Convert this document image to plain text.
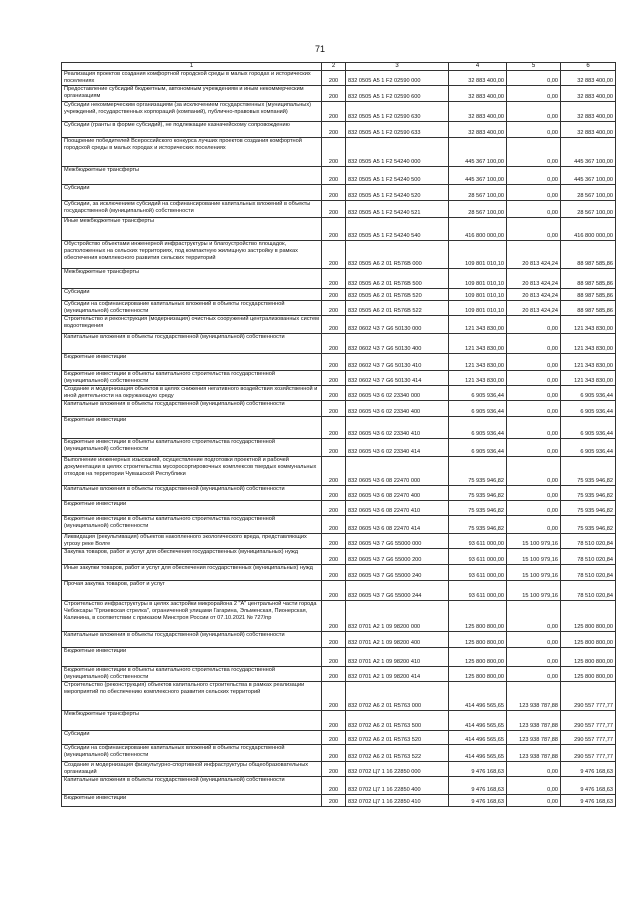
71
1	2	3	4	5	6
Реализация проектов создания комфортной городской среды в малых городах и исторических поселениях	200	832 0505 А5 1 F2 02590 000	32 883 400,00	0,00	32 883 400,00
Предоставление субсидий бюджетным, автономным учреждениям и иным некоммерческим организациям	200	832 0505 А5 1 F2 02590 600	32 883 400,00	0,00	32 883 400,00
Субсидии некоммерческим организациям (за исключением государственных (муниципальных) учреждений, государственных корпораций (компаний), публично-правовых компаний)	200	832 0505 А5 1 F2 02590 630	32 883 400,00	0,00	32 883 400,00
Субсидии (гранты в форме субсидий), не подлежащие казначейскому сопровождению	200	832 0505 А5 1 F2 02590 633	32 883 400,00	0,00	32 883 400,00
Поощрение победителей Всероссийского конкурса лучших проектов создания комфортной городской среды в малых городах и исторических поселениях	200	832 0505 А5 1 F2 54240 000	445 367 100,00	0,00	445 367 100,00
Межбюджетные трансферты	200	832 0505 А5 1 F2 54240 500	445 367 100,00	0,00	445 367 100,00
Субсидии	200	832 0505 А5 1 F2 54240 520	28 567 100,00	0,00	28 567 100,00
Субсидии, за исключением субсидий на софинансирование капитальных вложений в объекты государственной (муниципальной) собственности	200	832 0505 А5 1 F2 54240 521	28 567 100,00	0,00	28 567 100,00
Иные межбюджетные трансферты	200	832 0505 А5 1 F2 54240 540	416 800 000,00	0,00	416 800 000,00
Обустройство объектами инженерной инфраструктуры и благоустройство площадок, расположенных на сельских территориях, под компактную жилищную застройку в рамках обеспечения комплексного развития сельских территорий	200	832 0505 А6 2 01 R576B 000	109 801 010,10	20 813 424,24	88 987 585,86
Межбюджетные трансферты	200	832 0505 А6 2 01 R576B 500	109 801 010,10	20 813 424,24	88 987 585,86
Субсидии	200	832 0505 А6 2 01 R576B 520	109 801 010,10	20 813 424,24	88 987 585,86
Субсидии на софинансирование капитальных вложений в объекты государственной (муниципальной) собственности	200	832 0505 А6 2 01 R576B 522	109 801 010,10	20 813 424,24	88 987 585,86
Строительство и реконструкция (модернизация) очистных сооружений централизованных систем водоотведения	200	832 0602 Ч3 7 G6 50130 000	121 343 830,00	0,00	121 343 830,00
Капитальные вложения в объекты государственной (муниципальной) собственности	200	832 0602 Ч3 7 G6 50130 400	121 343 830,00	0,00	121 343 830,00
Бюджетные инвестиции	200	832 0602 Ч3 7 G6 50130 410	121 343 830,00	0,00	121 343 830,00
Бюджетные инвестиции в объекты капитального строительства государственной (муниципальной) собственности	200	832 0602 Ч3 7 G6 50130 414	121 343 830,00	0,00	121 343 830,00
Создание и модернизация объектов в целях снижения негативного воздействия хозяйственной и иной деятельности на окружающую среду	200	832 0605 Ч3 6 02 23340 000	6 905 936,44	0,00	6 905 936,44
Капитальные вложения в объекты государственной (муниципальной) собственности	200	832 0605 Ч3 6 02 23340 400	6 905 936,44	0,00	6 905 936,44
Бюджетные инвестиции	200	832 0605 Ч3 6 02 23340 410	6 905 936,44	0,00	6 905 936,44
Бюджетные инвестиции в объекты капитального строительства государственной (муниципальной) собственности	200	832 0605 Ч3 6 02 23340 414	6 905 936,44	0,00	6 905 936,44
Выполнение инженерных изысканий, осуществление подготовки проектной и рабочей документации в целях строительства мусоросортировочных комплексов твердых коммунальных отходов на территории Чувашской Республики	200	832 0605 Ч3 6 08 22470 000	75 935 946,82	0,00	75 935 946,82
Капитальные вложения в объекты государственной (муниципальной) собственности	200	832 0605 Ч3 6 08 22470 400	75 935 946,82	0,00	75 935 946,82
Бюджетные инвестиции	200	832 0605 Ч3 6 08 22470 410	75 935 946,82	0,00	75 935 946,82
Бюджетные инвестиции в объекты капитального строительства государственной (муниципальной) собственности	200	832 0605 Ч3 6 08 22470 414	75 935 946,82	0,00	75 935 946,82
Ликвидация (рекультивация) объектов накопленного экологического вреда, представляющих угрозу реке Волге	200	832 0605 Ч3 7 G6 55000 000	93 611 000,00	15 100 979,16	78 510 020,84
Закупка товаров, работ и услуг для обеспечения государственных (муниципальных) нужд	200	832 0605 Ч3 7 G6 55000 200	93 611 000,00	15 100 979,16	78 510 020,84
Иные закупки товаров, работ и услуг для обеспечения государственных (муниципальных) нужд	200	832 0605 Ч3 7 G6 55000 240	93 611 000,00	15 100 979,16	78 510 020,84
Прочая закупка товаров, работ и услуг	200	832 0605 Ч3 7 G6 55000 244	93 611 000,00	15 100 979,16	78 510 020,84
Строительство инфраструктуры в целях застройки микрорайона 2 "А" центральной части города Чебоксары "Грязевская стрелка", ограниченной улицами Гагарина, Эльменская, Пионерская, Калинина, в соответствии с приказом Минстроя России от 07.10.2021 № 727/пр	200	832 0701 А2 1 09 98200 000	125 800 800,00	0,00	125 800 800,00
Капитальные вложения в объекты государственной (муниципальной) собственности	200	832 0701 А2 1 09 98200 400	125 800 800,00	0,00	125 800 800,00
Бюджетные инвестиции	200	832 0701 А2 1 09 98200 410	125 800 800,00	0,00	125 800 800,00
Бюджетные инвестиции в объекты капитального строительства государственной (муниципальной) собственности	200	832 0701 А2 1 09 98200 414	125 800 800,00	0,00	125 800 800,00
Строительство (реконструкция) объектов капитального строительства в рамках реализации мероприятий по обеспечению комплексного развития сельских территорий	200	832 0702 А6 2 01 R5763 000	414 496 565,65	123 938 787,88	290 557 777,77
Межбюджетные трансферты	200	832 0702 А6 2 01 R5763 500	414 496 565,65	123 938 787,88	290 557 777,77
Субсидии	200	832 0702 А6 2 01 R5763 520	414 496 565,65	123 938 787,88	290 557 777,77
Субсидии на софинансирование капитальных вложений в объекты государственной (муниципальной) собственности	200	832 0702 А6 2 01 R5763 522	414 496 565,65	123 938 787,88	290 557 777,77
Создание и модернизация физкультурно-спортивной инфраструктуры общеобразовательных организаций	200	832 0702 Ц7 1 16 22850 000	9 476 168,63	0,00	9 476 168,63
Капитальные вложения в объекты государственной (муниципальной) собственности	200	832 0702 Ц7 1 16 22850 400	9 476 168,63	0,00	9 476 168,63
Бюджетные инвестиции	200	832 0702 Ц7 1 16 22850 410	9 476 168,63	0,00	9 476 168,63
